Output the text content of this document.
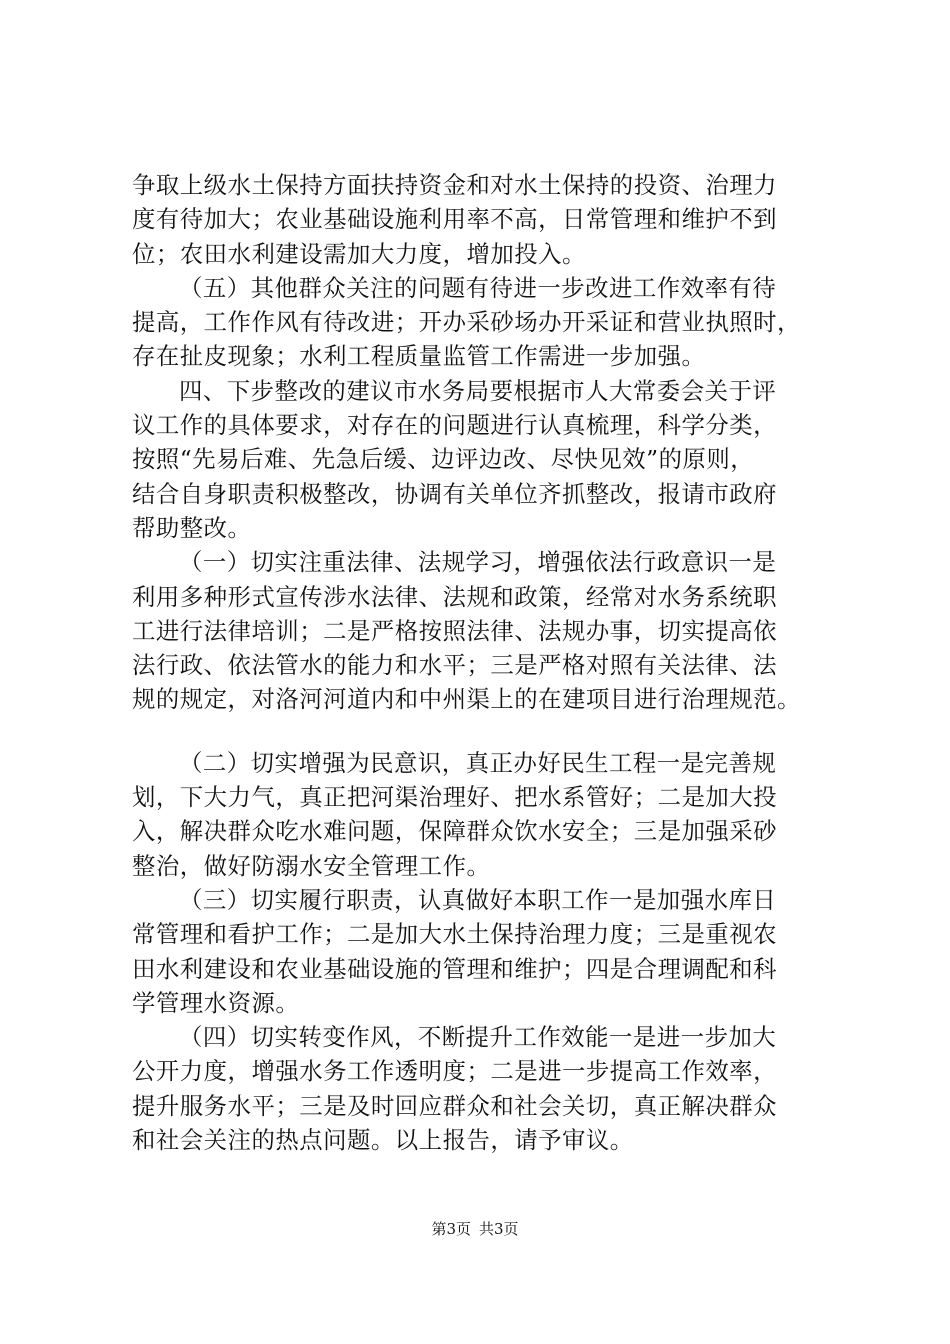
争取上级水土保持方面扶持资金和对水土保持的投资、治理力
度有待加大；农业基础设施利用率不高，日常管理和维护不到
位；农田水利建设需加大力度，增加投入。
（五）其他群众关注的问题有待进一步改进工作效率有待
提高，工作作风有待改进；开办采砂场办开采证和营业执照时，
存在扯皮现象；水利工程质量监管工作需进一步加强。
四、下步整改的建议市水务局要根据市人大常委会关于评
议工作的具体要求，对存在的问题进行认真梳理，科学分类，
按照“先易后难、先急后缓、边评边改、尽快见效”的原则，
结合自身职责积极整改，协调有关单位齐抓整改，报请市政府
帮助整改。
（一）切实注重法律、法规学习，增强依法行政意识一是
利用多种形式宣传涉水法律、法规和政策，经常对水务系统职
工进行法律培训；二是严格按照法律、法规办事，切实提高依
法行政、依法管水的能力和水平；三是严格对照有关法律、法
规的规定，对洛河河道内和中州渠上的在建项目进行治理规范。
（二）切实增强为民意识，真正办好民生工程一是完善规
划，下大力气，真正把河渠治理好、把水系管好；二是加大投
入，解决群众吃水难问题，保障群众饮水安全；三是加强采砂
整治，做好防溺水安全管理工作。
（三）切实履行职责，认真做好本职工作一是加强水库日
常管理和看护工作；二是加大水土保持治理力度；三是重视农
田水利建设和农业基础设施的管理和维护；四是合理调配和科
学管理水资源。
（四）切实转变作风，不断提升工作效能一是进一步加大
公开力度，增强水务工作透明度；二是进一步提高工作效率，
提升服务水平；三是及时回应群众和社会关切，真正解决群众
和社会关注的热点问题。以上报告，请予审议。
第3页 共3页
